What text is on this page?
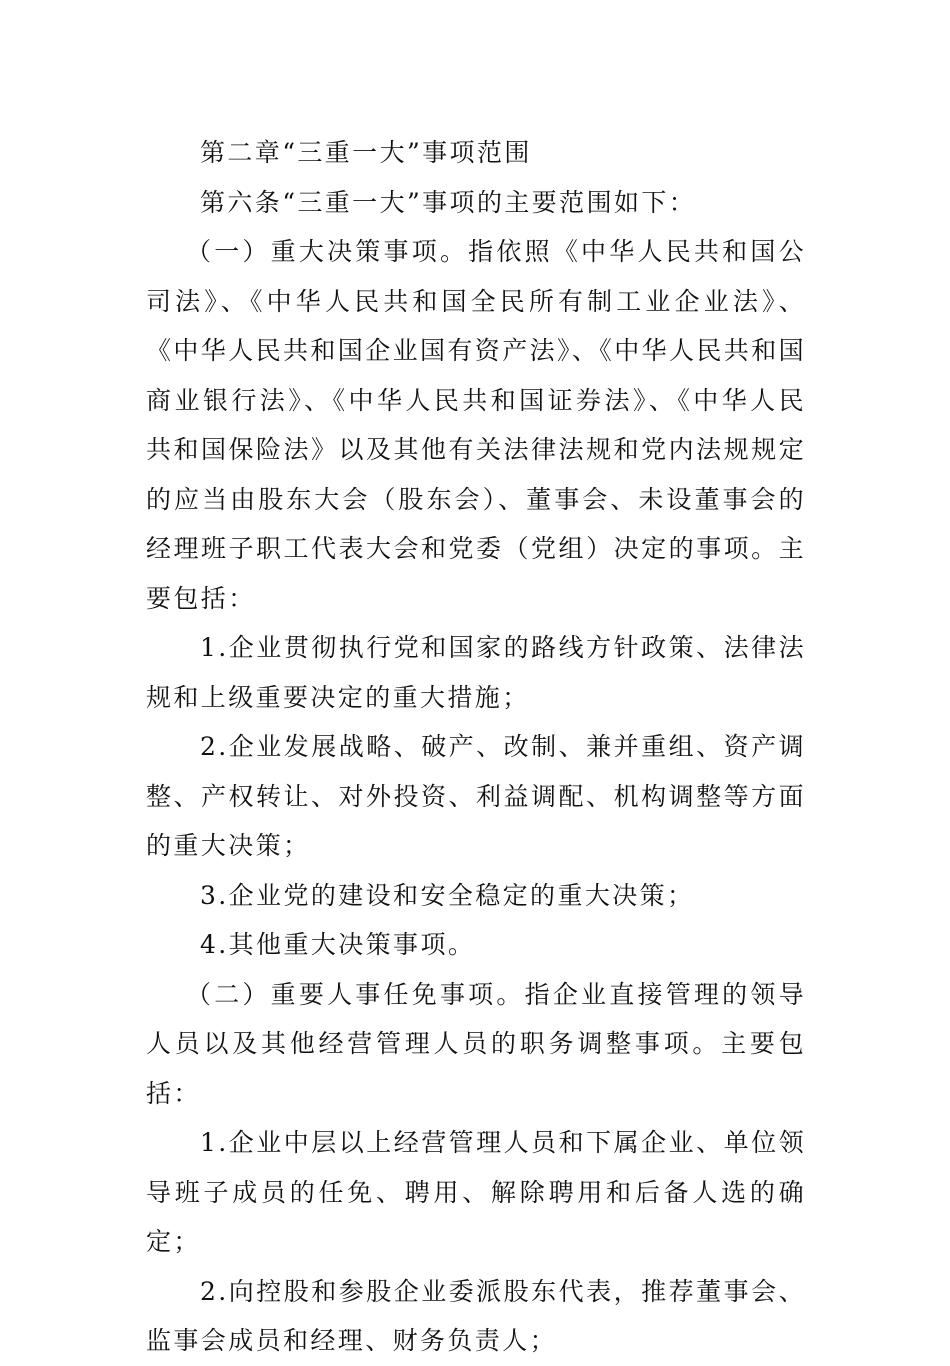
第二章“三重一大”事项范围

第六条“三重一大”事项的主要范围如下：

（一）重大决策事项。指依照《中华人民共和国公司法》、《中华人民共和国全民所有制工业企业法》、《中华人民共和国企业国有资产法》、《中华人民共和国商业银行法》、《中华人民共和国证券法》、《中华人民共和国保险法》以及其他有关法律法规和党内法规规定的应当由股东大会（股东会）、董事会、未设董事会的经理班子职工代表大会和党委（党组）决定的事项。主要包括：

1.企业贯彻执行党和国家的路线方针政策、法律法规和上级重要决定的重大措施；

2.企业发展战略、破产、改制、兼并重组、资产调整、产权转让、对外投资、利益调配、机构调整等方面的重大决策；

3.企业党的建设和安全稳定的重大决策；

4.其他重大决策事项。

（二）重要人事任免事项。指企业直接管理的领导人员以及其他经营管理人员的职务调整事项。主要包括：

1.企业中层以上经营管理人员和下属企业、单位领导班子成员的任免、聘用、解除聘用和后备人选的确定；

2.向控股和参股企业委派股东代表，推荐董事会、监事会成员和经理、财务负责人；
